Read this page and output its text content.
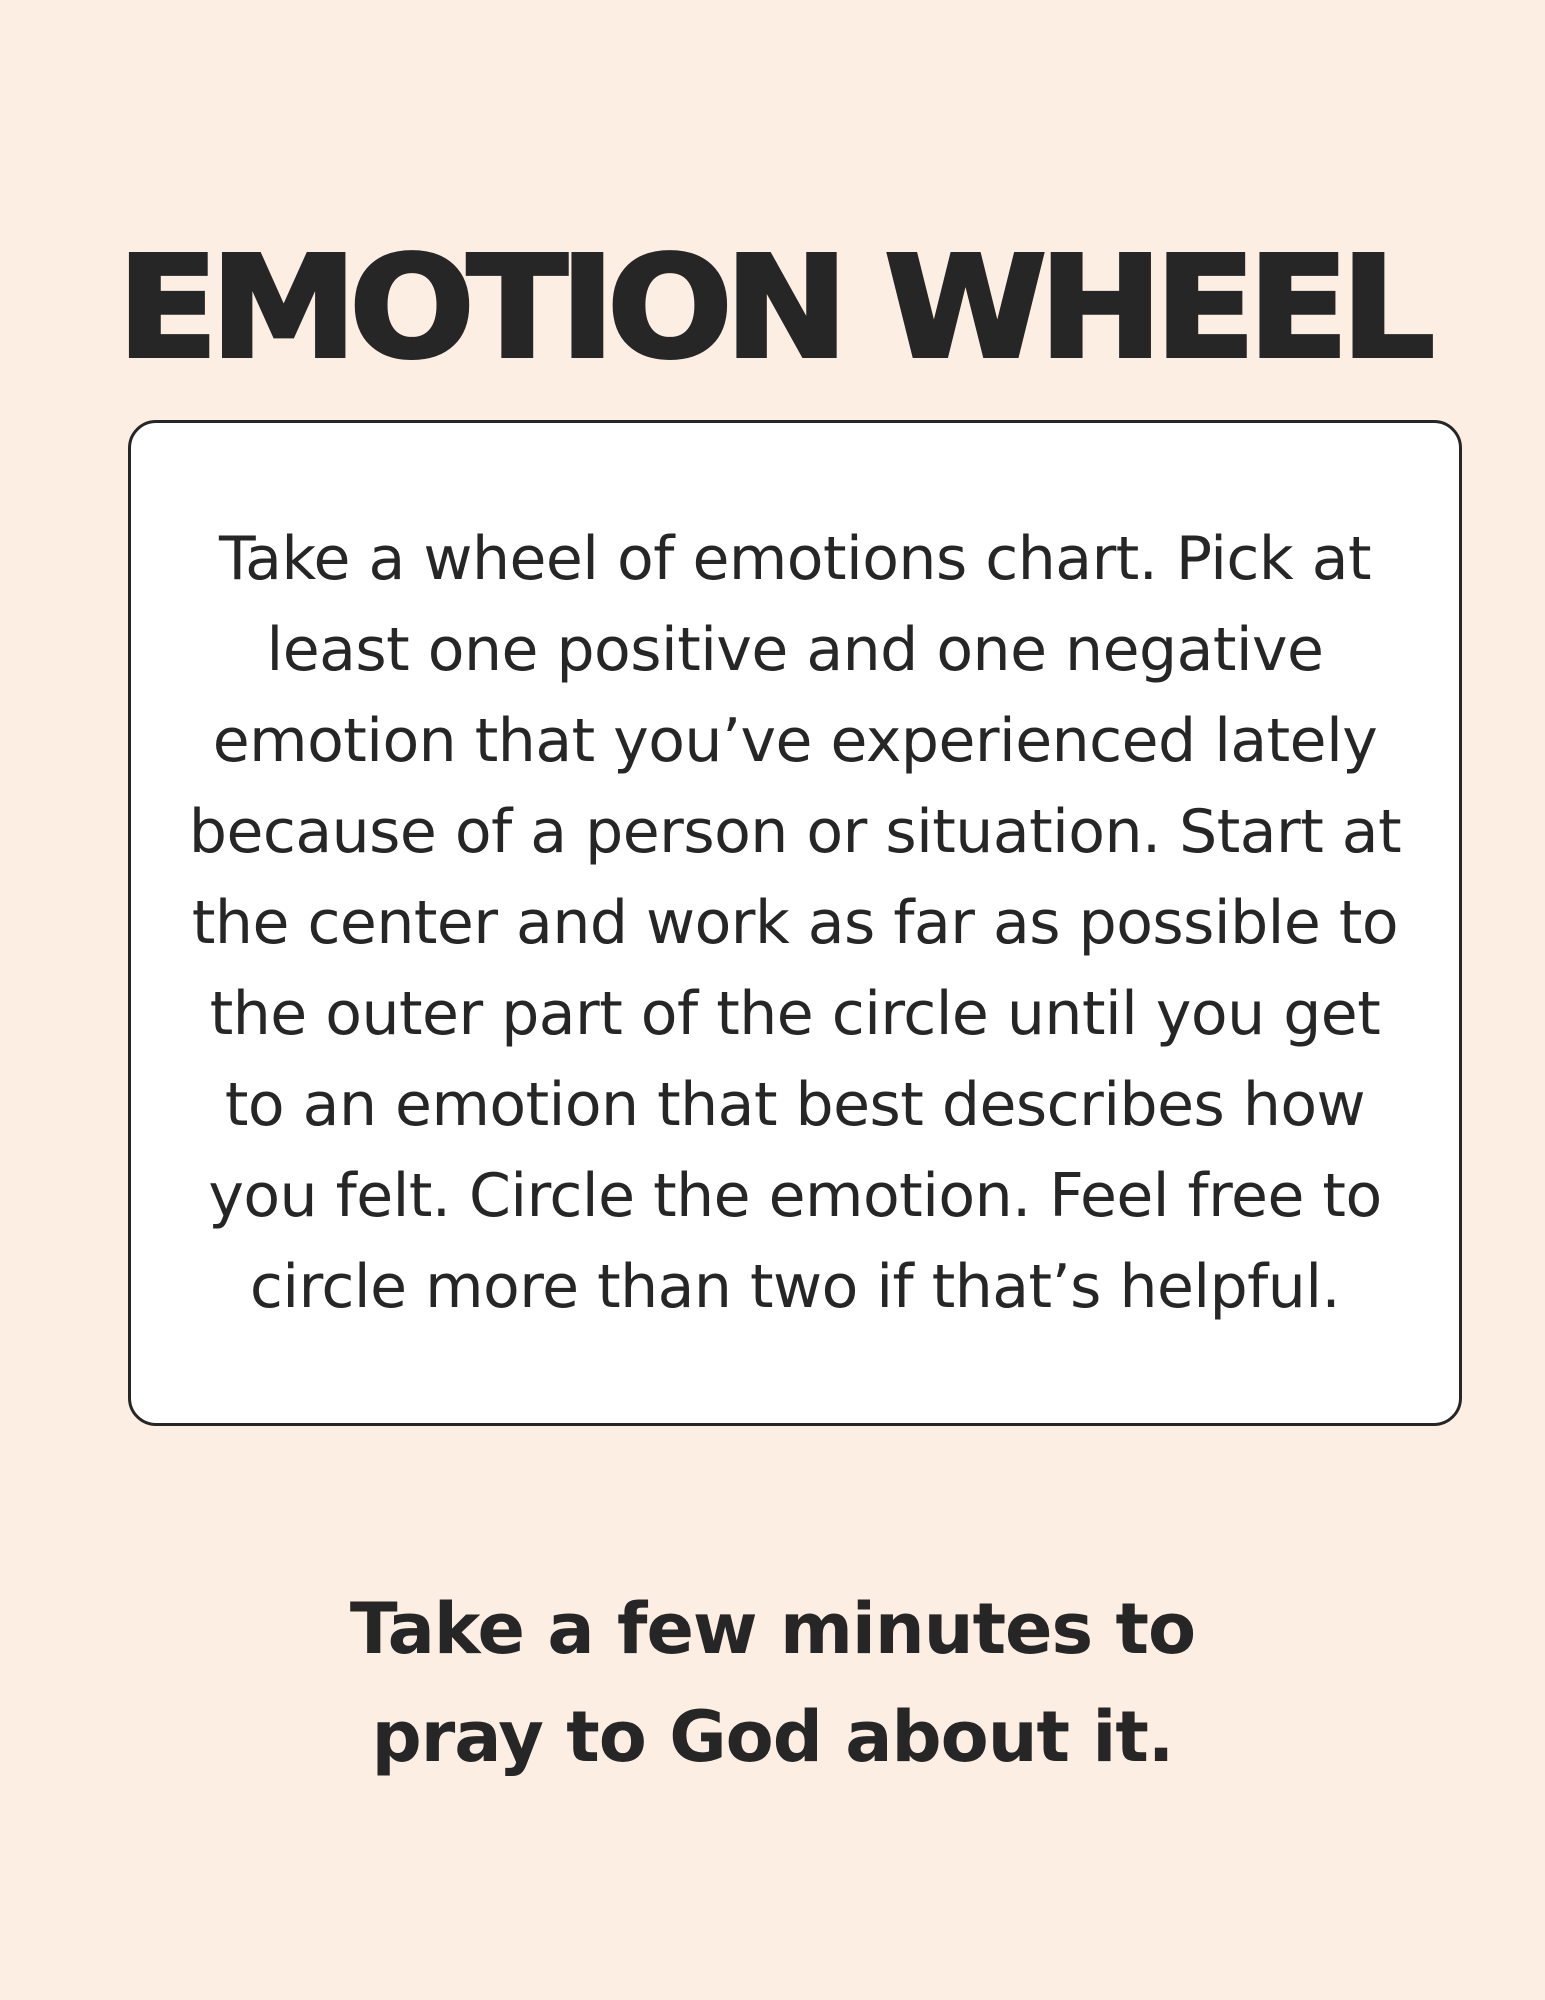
EMOTION WHEEL

Take a wheel of emotions chart. Pick at least one positive and one negative emotion that you’ve experienced lately because of a person or situation. Start at the center and work as far as possible to the outer part of the circle until you get to an emotion that best describes how you felt. Circle the emotion. Feel free to circle more than two if that’s helpful.

Take a few minutes to
pray to God about it.
